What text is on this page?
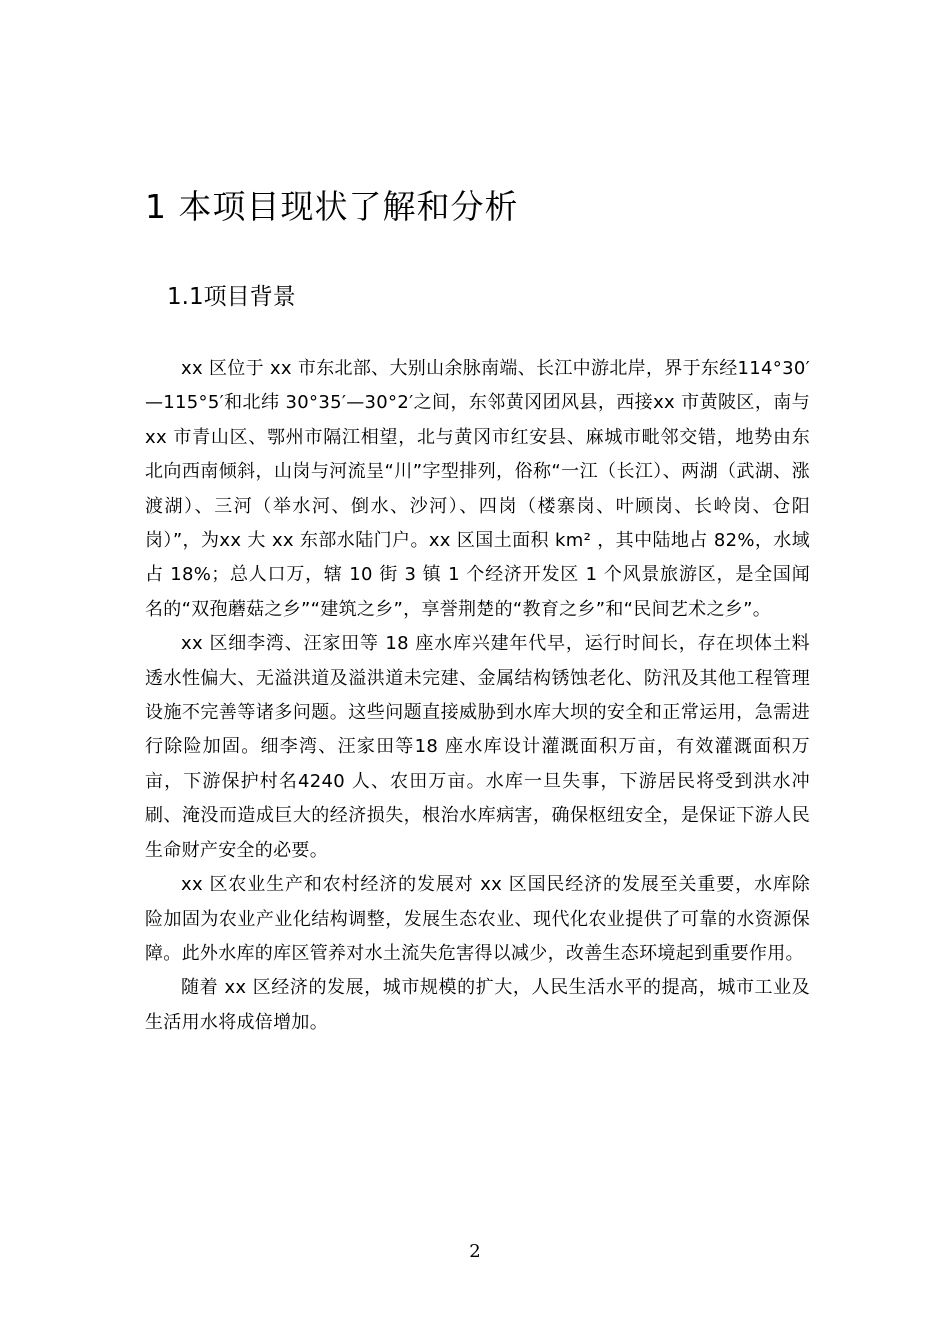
1 本项目现状了解和分析
1.1项目背景

xx 区位于 xx 市东北部、大别山余脉南端、长江中游北岸，界于东经114°30′—115°5′和北纬 30°35′—30°2′之间，东邻黄冈团风县，西接xx 市黄陂区，南与 xx 市青山区、鄂州市隔江相望，北与黄冈市红安县、麻城市毗邻交错，地势由东北向西南倾斜，山岗与河流呈“川”字型排列，俗称“一江（长江）、两湖（武湖、涨渡湖）、三河（举水河、倒水、沙河）、四岗（楼寨岗、叶顾岗、长岭岗、仓阳岗）”，为xx 大 xx 东部水陆门户。xx 区国土面积 km² ，其中陆地占 82%，水域占 18%；总人口万，辖 10 街 3 镇 1 个经济开发区 1 个风景旅游区，是全国闻名的“双孢蘑菇之乡”“建筑之乡”，享誉荆楚的“教育之乡”和“民间艺术之乡”。

xx 区细李湾、汪家田等 18 座水库兴建年代早，运行时间长，存在坝体土料透水性偏大、无溢洪道及溢洪道未完建、金属结构锈蚀老化、防汛及其他工程管理设施不完善等诸多问题。这些问题直接威胁到水库大坝的安全和正常运用，急需进行除险加固。细李湾、汪家田等18 座水库设计灌溉面积万亩，有效灌溉面积万亩，下游保护村名4240 人、农田万亩。水库一旦失事，下游居民将受到洪水冲刷、淹没而造成巨大的经济损失，根治水库病害，确保枢纽安全，是保证下游人民生命财产安全的必要。

xx 区农业生产和农村经济的发展对 xx 区国民经济的发展至关重要，水库除险加固为农业产业化结构调整，发展生态农业、现代化农业提供了可靠的水资源保障。此外水库的库区管养对水土流失危害得以减少，改善生态环境起到重要作用。

随着 xx 区经济的发展，城市规模的扩大，人民生活水平的提高，城市工业及生活用水将成倍增加。

2
